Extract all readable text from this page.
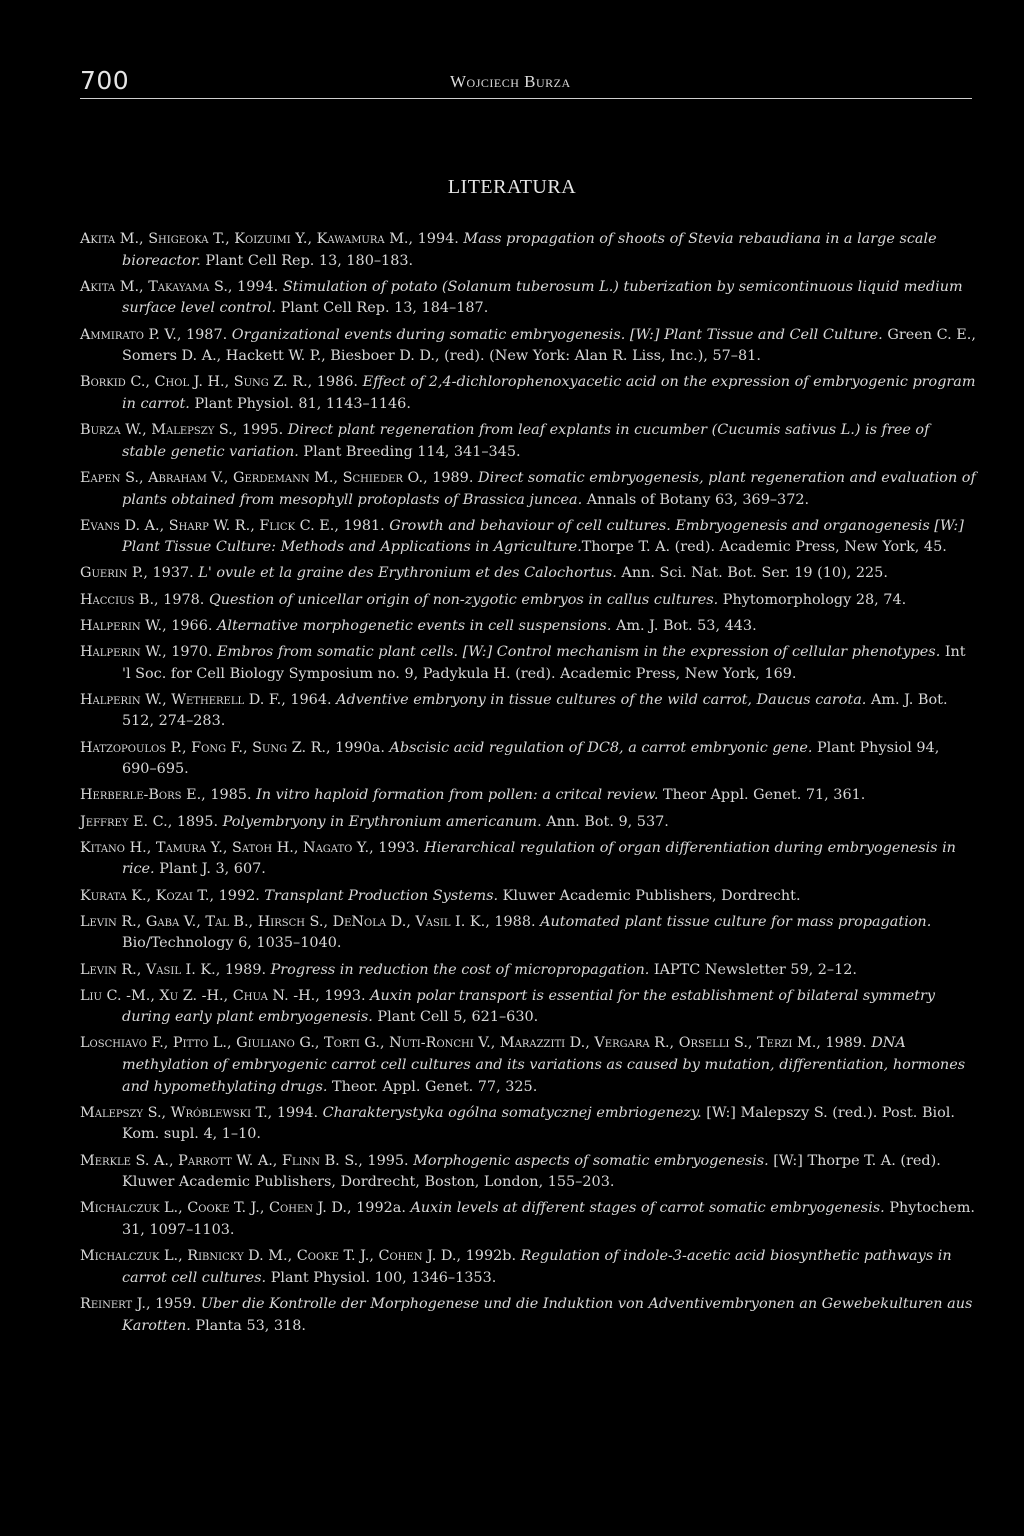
700	Wojciech Burza
LITERATURA

Akita M., Shigeoka T., Koizuimi Y., Kawamura M., 1994. Mass propagation of shoots of Stevia rebaudiana in a large scale bioreactor. Plant Cell Rep. 13, 180–183.

Akita M., Takayama S., 1994. Stimulation of potato (Solanum tuberosum L.) tuberization by semicontinuous liquid medium surface level control. Plant Cell Rep. 13, 184–187.

Ammirato P. V., 1987. Organizational events during somatic embryogenesis. [W:] Plant Tissue and Cell Culture. Green C. E., Somers D. A., Hackett W. P., Biesboer D. D., (red). (New York: Alan R. Liss, Inc.), 57–81.

Borkid C., Chol J. H., Sung Z. R., 1986. Effect of 2,4-dichlorophenoxyacetic acid on the expression of embryogenic program in carrot. Plant Physiol. 81, 1143–1146.

Burza W., Malepszy S., 1995. Direct plant regeneration from leaf explants in cucumber (Cucumis sativus L.) is free of stable genetic variation. Plant Breeding 114, 341–345.

Eapen S., Abraham V., Gerdemann M., Schieder O., 1989. Direct somatic embryogenesis, plant regeneration and evaluation of plants obtained from mesophyll protoplasts of Brassica juncea. Annals of Botany 63, 369–372.

Evans D. A., Sharp W. R., Flick C. E., 1981. Growth and behaviour of cell cultures. Embryogenesis and organogenesis [W:] Plant Tissue Culture: Methods and Applications in Agriculture.Thorpe T. A. (red). Academic Press, New York, 45.

Guerin P., 1937. L' ovule et la graine des Erythronium et des Calochortus. Ann. Sci. Nat. Bot. Ser. 19 (10), 225.

Haccius B., 1978. Question of unicellar origin of non-zygotic embryos in callus cultures. Phytomorphology 28, 74.

Halperin W., 1966. Alternative morphogenetic events in cell suspensions. Am. J. Bot. 53, 443.

Halperin W., 1970. Embros from somatic plant cells. [W:] Control mechanism in the expression of cellular phenotypes. Int 'l Soc. for Cell Biology Symposium no. 9, Padykula H. (red). Academic Press, New York, 169.

Halperin W., Wetherell D. F., 1964. Adventive embryony in tissue cultures of the wild carrot, Daucus carota. Am. J. Bot. 512, 274–283.

Hatzopoulos P., Fong F., Sung Z. R., 1990a. Abscisic acid regulation of DC8, a carrot embryonic gene. Plant Physiol 94, 690–695.

Herberle-Bors E., 1985. In vitro haploid formation from pollen: a critcal review. Theor Appl. Genet. 71, 361.

Jeffrey E. C., 1895. Polyembryony in Erythronium americanum. Ann. Bot. 9, 537.

Kitano H., Tamura Y., Satoh H., Nagato Y., 1993. Hierarchical regulation of organ differentiation during embryogenesis in rice. Plant J. 3, 607.

Kurata K., Kozai T., 1992. Transplant Production Systems. Kluwer Academic Publishers, Dordrecht.

Levin R., Gaba V., Tal B., Hirsch S., DeNola D., Vasil I. K., 1988. Automated plant tissue culture for mass propagation. Bio/Technology 6, 1035–1040.

Levin R., Vasil I. K., 1989. Progress in reduction the cost of micropropagation. IAPTC Newsletter 59, 2–12.

Liu C. -M., Xu Z. -H., Chua N. -H., 1993. Auxin polar transport is essential for the establishment of bilateral symmetry during early plant embryogenesis. Plant Cell 5, 621–630.

Loschiavo F., Pitto L., Giuliano G., Torti G., Nuti-Ronchi V., Marazziti D., Vergara R., Orselli S., Terzi M., 1989. DNA methylation of embryogenic carrot cell cultures and its variations as caused by mutation, differentiation, hormones and hypomethylating drugs. Theor. Appl. Genet. 77, 325.

Malepszy S., Wróblewski T., 1994. Charakterystyka ogólna somatycznej embriogenezy. [W:] Malepszy S. (red.). Post. Biol. Kom. supl. 4, 1–10.

Merkle S. A., Parrott W. A., Flinn B. S., 1995. Morphogenic aspects of somatic embryogenesis. [W:] Thorpe T. A. (red). Kluwer Academic Publishers, Dordrecht, Boston, London, 155–203.

Michalczuk L., Cooke T. J., Cohen J. D., 1992a. Auxin levels at different stages of carrot somatic embryogenesis. Phytochem. 31, 1097–1103.

Michalczuk L., Ribnicky D. M., Cooke T. J., Cohen J. D., 1992b. Regulation of indole-3-acetic acid biosynthetic pathways in carrot cell cultures. Plant Physiol. 100, 1346–1353.

Reinert J., 1959. Uber die Kontrolle der Morphogenese und die Induktion von Adventivembryonen an Gewebekulturen aus Karotten. Planta 53, 318.
